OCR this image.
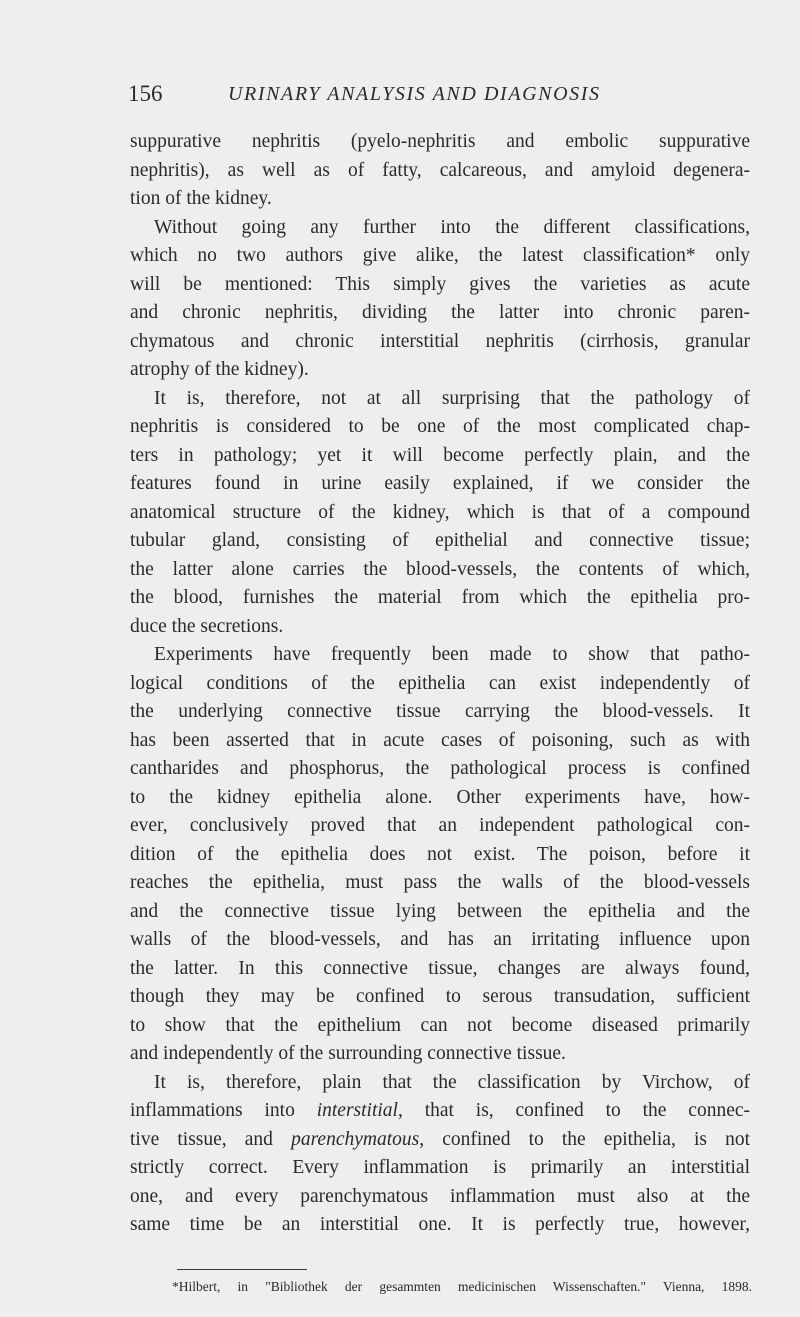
156	URINARY ANALYSIS AND DIAGNOSIS
suppurative nephritis (pyelo-nephritis and embolic suppurative
nephritis), as well as of fatty, calcareous, and amyloid degenera-
tion of the kidney.
Without going any further into the different classifications,
which no two authors give alike, the latest classification* only
will be mentioned: This simply gives the varieties as acute
and chronic nephritis, dividing the latter into chronic paren-
chymatous and chronic interstitial nephritis (cirrhosis, granular
atrophy of the kidney).
It is, therefore, not at all surprising that the pathology of
nephritis is considered to be one of the most complicated chap-
ters in pathology; yet it will become perfectly plain, and the
features found in urine easily explained, if we consider the
anatomical structure of the kidney, which is that of a compound
tubular gland, consisting of epithelial and connective tissue;
the latter alone carries the blood-vessels, the contents of which,
the blood, furnishes the material from which the epithelia pro-
duce the secretions.
Experiments have frequently been made to show that patho-
logical conditions of the epithelia can exist independently of
the underlying connective tissue carrying the blood-vessels. It
has been asserted that in acute cases of poisoning, such as with
cantharides and phosphorus, the pathological process is confined
to the kidney epithelia alone. Other experiments have, how-
ever, conclusively proved that an independent pathological con-
dition of the epithelia does not exist. The poison, before it
reaches the epithelia, must pass the walls of the blood-vessels
and the connective tissue lying between the epithelia and the
walls of the blood-vessels, and has an irritating influence upon
the latter. In this connective tissue, changes are always found,
though they may be confined to serous transudation, sufficient
to show that the epithelium can not become diseased primarily
and independently of the surrounding connective tissue.
It is, therefore, plain that the classification by Virchow, of
inflammations into interstitial, that is, confined to the connec-
tive tissue, and parenchymatous, confined to the epithelia, is not
strictly correct. Every inflammation is primarily an interstitial
one, and every parenchymatous inflammation must also at the
same time be an interstitial one. It is perfectly true, however,
*Hilbert, in "Bibliothek der gesammten medicinischen Wissenschaften." Vienna, 1898.
